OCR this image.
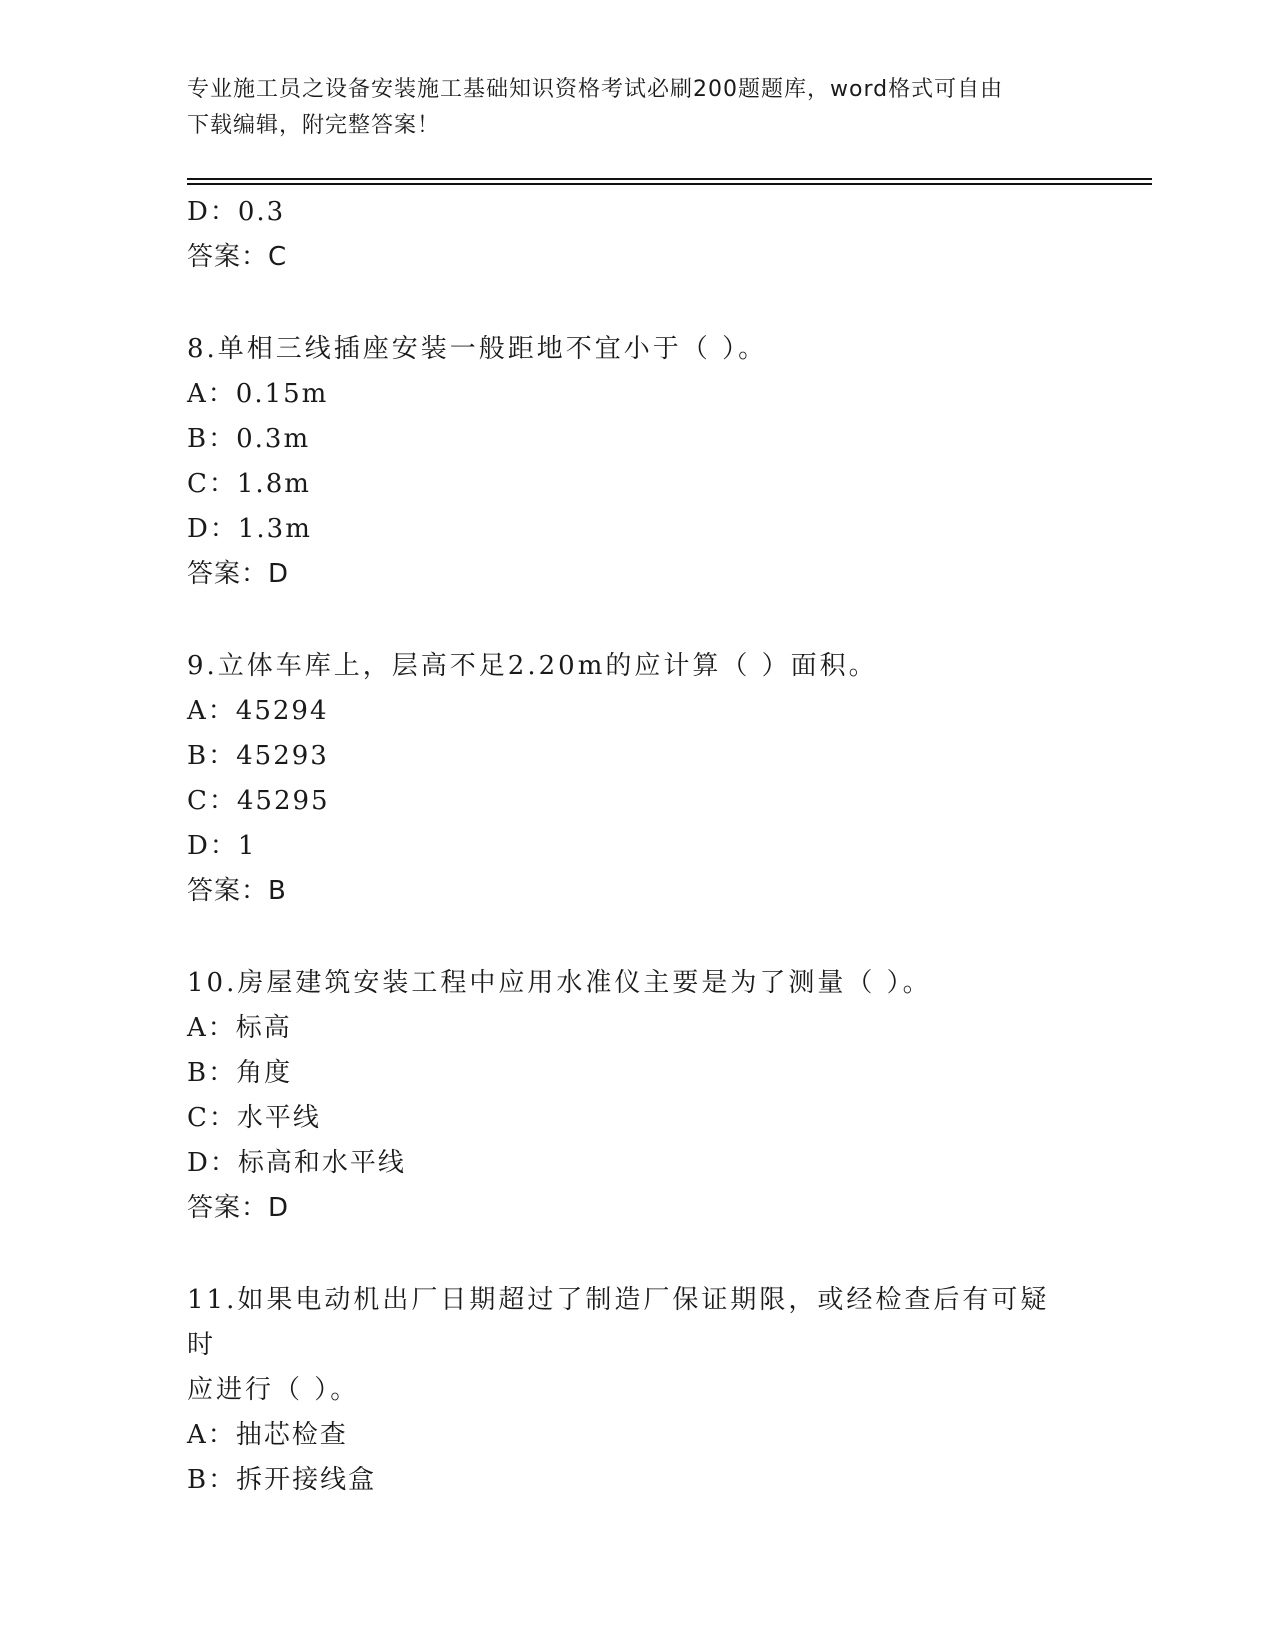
专业施工员之设备安装施工基础知识资格考试必刷200题题库，word格式可自由
下载编辑，附完整答案！
D：0.3
答案：C
8.单相三线插座安装一般距地不宜小于（ ）。
A：0.15m
B：0.3m
C：1.8m
D：1.3m
答案：D
9.立体车库上，层高不足2.20m的应计算（ ）面积。
A：45294
B：45293
C：45295
D：1
答案：B
10.房屋建筑安装工程中应用水准仪主要是为了测量（ ）。
A：标高
B：角度
C：水平线
D：标高和水平线
答案：D
11.如果电动机出厂日期超过了制造厂保证期限，或经检查后有可疑时
应进行（ ）。
A：抽芯检查
B：拆开接线盒
